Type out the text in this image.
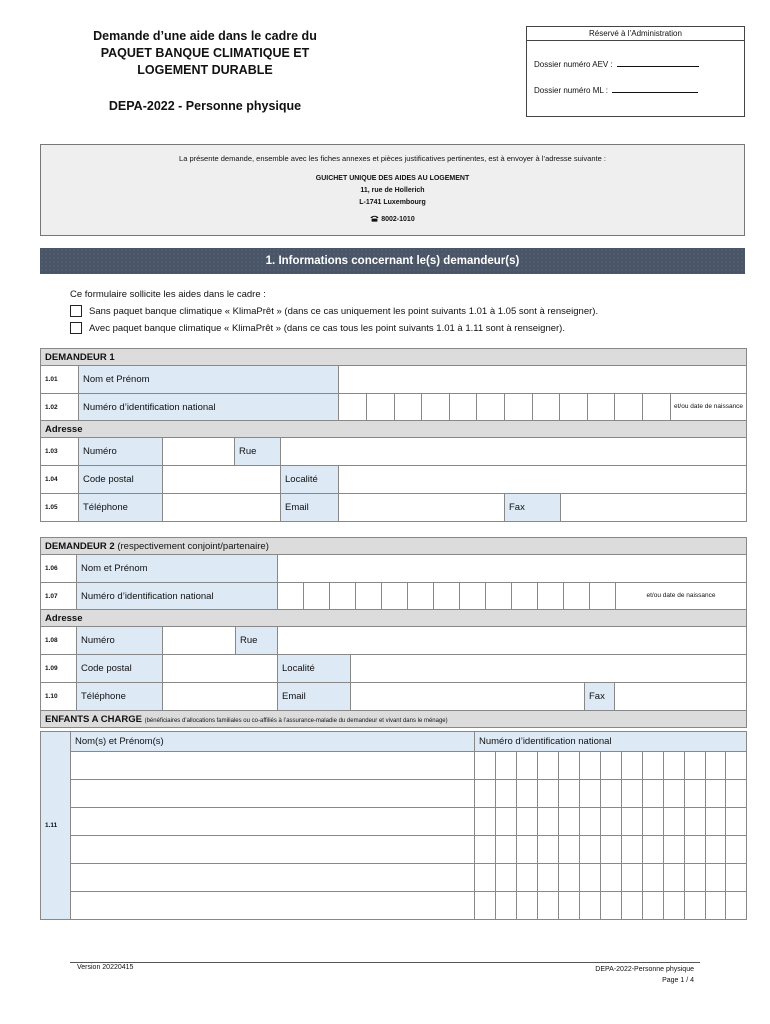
Demande d’une aide dans le cadre du
PAQUET BANQUE CLIMATIQUE ET
LOGEMENT DURABLE
DEPA-2022 - Personne physique
Réservé à l’Administration
Dossier numéro AEV :
Dossier numéro ML :
La présente demande, ensemble avec les fiches annexes et pièces justificatives pertinentes, est à envoyer à l’adresse suivante :
GUICHET UNIQUE DES AIDES AU LOGEMENT
11, rue de Hollerich
L-1741 Luxembourg
8002-1010
1. Informations concernant le(s) demandeur(s)
Ce formulaire sollicite les aides dans le cadre :
Sans paquet banque climatique « KlimaPrêt » (dans ce cas uniquement les point suivants 1.01 à 1.05 sont à renseigner).
Avec paquet banque climatique « KlimaPrêt » (dans ce cas tous les point suivants 1.01 à 1.11 sont à renseigner).
DEMANDEUR 1							
1.01	Nom et Prénom						
1.02	Numéro d’identification national				et/ou date de naissance		

Adresse							
1.03	Numéro		Rue				
1.04	Code postal			Localité			
1.05	Téléphone			Email		Fax	
DEMANDEUR 2 (respectivement conjoint/partenaire)							
1.06	Nom et Prénom						
1.07	Numéro d’identification national			et/ou date de naissance			

Adresse							
1.08	Numéro		Rue				
1.09	Code postal			Localité			
1.10	Téléphone			Email		Fax	
ENFANTS A CHARGE (bénéficiaires d’allocations familiales ou co-affiliés à l’assurance-maladie du demandeur et vivant dans le ménage)							
1.11	Nom(s) et Prénom(s)	Numéro d’identification national												

Version 20220415	DEPA-2022-Personne physique
Page 1 / 4
